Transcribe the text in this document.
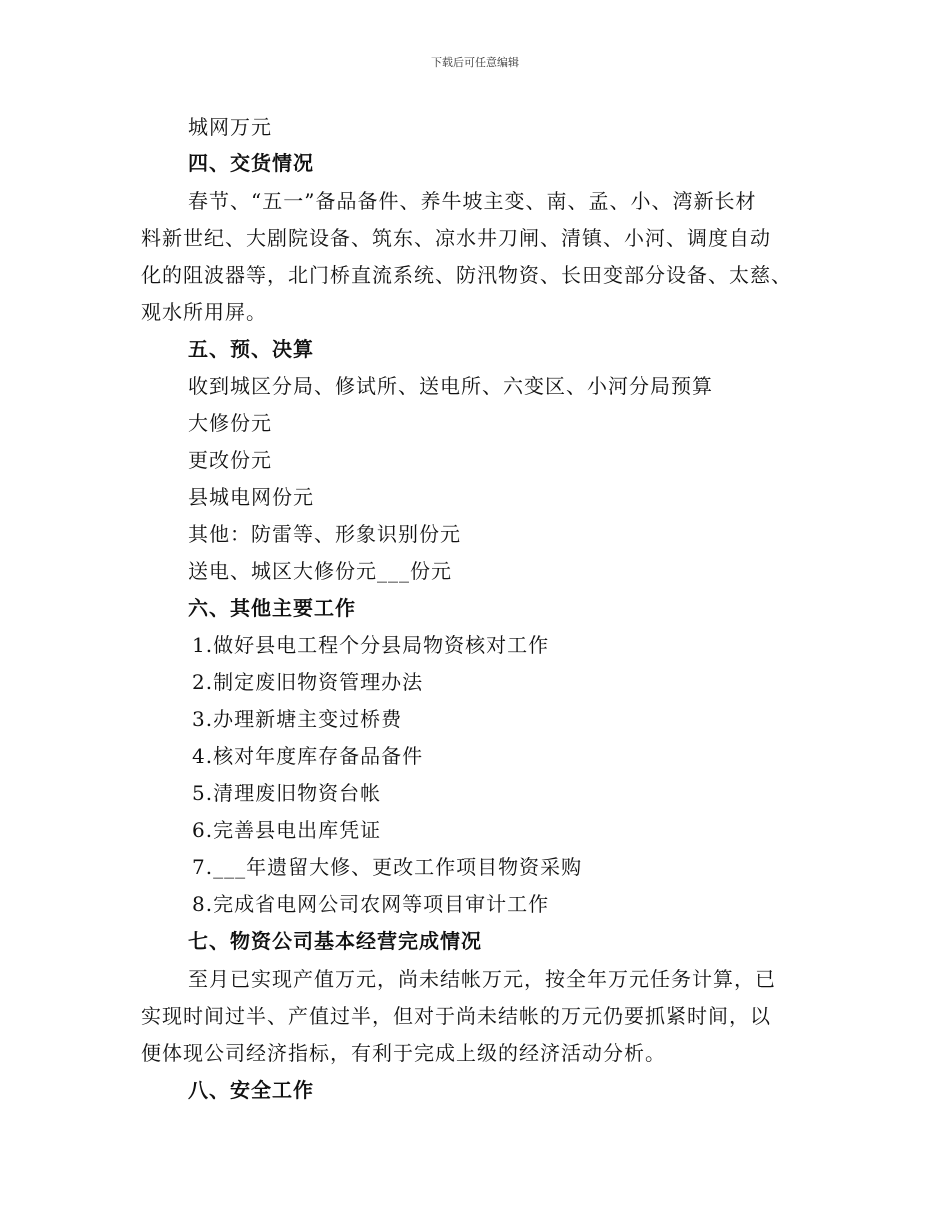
下载后可任意编辑
城网万元
四、交货情况
春节、“五一”备品备件、养牛坡主变、南、孟、小、湾新长材
料新世纪、大剧院设备、筑东、凉水井刀闸、清镇、小河、调度自动
化的阻波器等，北门桥直流系统、防汛物资、长田变部分设备、太慈、
观水所用屏。
五、预、决算
收到城区分局、修试所、送电所、六变区、小河分局预算
大修份元
更改份元
县城电网份元
其他：防雷等、形象识别份元
送电、城区大修份元___份元
六、其他主要工作
1.做好县电工程个分县局物资核对工作
2.制定废旧物资管理办法
3.办理新塘主变过桥费
4.核对年度库存备品备件
5.清理废旧物资台帐
6.完善县电出库凭证
7.___年遗留大修、更改工作项目物资采购
8.完成省电网公司农网等项目审计工作
七、物资公司基本经营完成情况
至月已实现产值万元，尚未结帐万元，按全年万元任务计算，已
实现时间过半、产值过半，但对于尚未结帐的万元仍要抓紧时间，以
便体现公司经济指标，有利于完成上级的经济活动分析。
八、安全工作
